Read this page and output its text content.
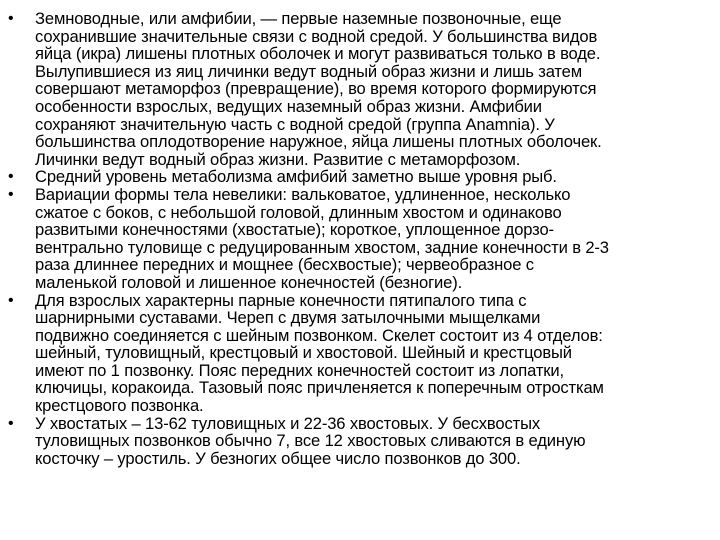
•	Земноводные, или амфибии, — первые наземные позвоночные, еще
сохранившие значительные связи с водной средой. У большинства видов
яйца (икра) лишены плотных оболочек и могут развиваться только в воде.
Вылупившиеся из яиц личинки ведут водный образ жизни и лишь затем
совершают метаморфоз (превращение), во время которого формируются
особенности взрослых, ведущих наземный образ жизни. Амфибии
сохраняют значительную часть с водной средой (группа Anamnia). У
большинства оплодотворение наружное, яйца лишены плотных оболочек.
Личинки ведут водный образ жизни. Развитие с метаморфозом.
•	Средний уровень метаболизма амфибий заметно выше уровня рыб.
•	Вариации формы тела невелики: вальковатое, удлиненное, несколько
сжатое с боков, с небольшой головой, длинным хвостом и одинаково
развитыми конечностями (хвостатые); короткое, уплощенное дорзо-
вентрально туловище с редуцированным хвостом, задние конечности в 2-3
раза длиннее передних и мощнее (бесхвостые); червеобразное с
маленькой головой и лишенное конечностей (безногие).
•	Для взрослых характерны парные конечности пятипалого типа с
шарнирными суставами. Череп с двумя затылочными мыщелками
подвижно соединяется с шейным позвонком. Скелет состоит из 4 отделов:
шейный, туловищный, крестцовый и хвостовой. Шейный и крестцовый
имеют по 1 позвонку. Пояс передних конечностей состоит из лопатки,
ключицы, коракоида. Тазовый пояс причленяется к поперечным отросткам
крестцового позвонка.
•	У хвостатых – 13-62 туловищных и 22-36 хвостовых. У бесхвостых
туловищных позвонков обычно 7, все 12 хвостовых сливаются в единую
косточку – уростиль. У безногих общее число позвонков до 300.
